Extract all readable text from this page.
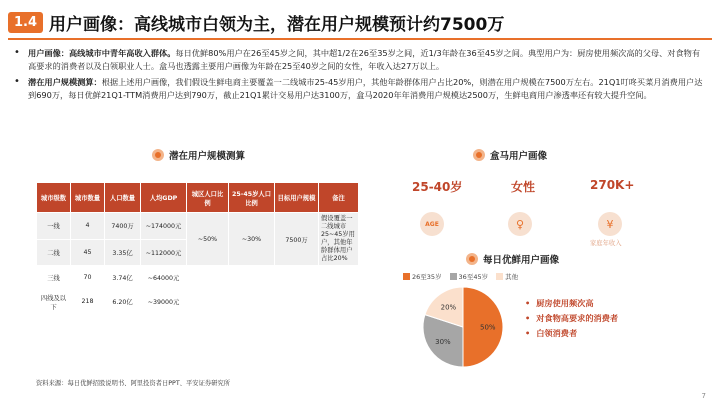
1.4 用户画像：高线城市白领为主，潜在用户规模预计约7500万
• 用户画像：高线城市中青年高收入群体。每日优鲜80%用户在26至45岁之间，其中超1/2在26至35岁之间，近1/3年龄在36至45岁之间。典型用户为：厨房使用频次高的父母、对食物有高要求的消费者以及白领职业人士。盒马也透露主要用户画像为年龄在25至40岁之间的女性，年收入达27万以上。
• 潜在用户规模测算：根据上述用户画像，我们假设生鲜电商主要覆盖一二线城市25-45岁用户，其他年龄群体用户占比20%，则潜在用户规模在7500万左右。21Q1叮咚买菜月消费用户达到690万，每日优鲜21Q1-TTM消费用户达到790万，截止21Q1累计交易用户达3100万，盒马2020年年消费用户规模达2500万，生鲜电商用户渗透率还有较大提升空间。
潜在用户规模测算
城市级数	城市数量	人口数量	人均GDP	城区人口比例	25-45岁人口比例	目标用户规模	备注
一线	4	7400万	~174000元	~50%	~30%	7500万	假设覆盖一二线城市25~45岁用户，其他年龄群体用户占比20%
二线	45	3.35亿	~112000元				
三线	70	3.74亿	~64000元				
四线及以下	218	6.20亿	~39000元				
盒马用户画像
25-40岁	女性	270K+
AGE	♀	¥
家庭年收入
每日优鲜用户画像
26至35岁	36至45岁	其他
50%
30%
20%	• 厨房使用频次高
• 对食物高要求的消费者
• 白领消费者
资料来源：每日优鲜招股说明书、阿里投资者日PPT、平安证券研究所
7
